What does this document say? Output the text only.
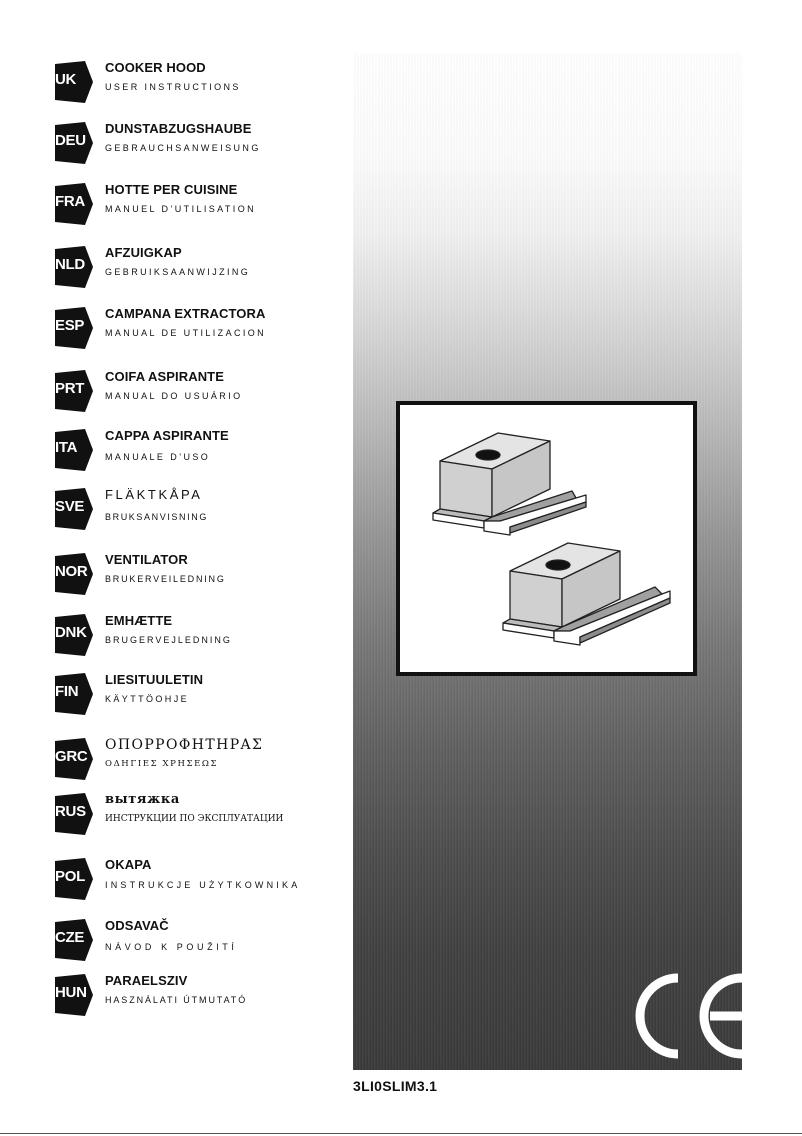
UK
COOKER HOOD
USER INSTRUCTIONS
DEU
DUNSTABZUGSHAUBE
GEBRAUCHSANWEISUNG
FRA
HOTTE PER CUISINE
MANUEL D’UTILISATION
NLD
AFZUIGKAP
GEBRUIKSAANWIJZING
ESP
CAMPANA EXTRACTORA
MANUAL DE UTILIZACION
PRT
COIFA ASPIRANTE
MANUAL DO USUÁRIO
ITA
CAPPA ASPIRANTE
MANUALE D’USO
SVE
FLÄKTKÅPA
BRUKSANVISNING
NOR
VENTILATOR
BRUKERVEILEDNING
DNK
EMHÆTTE
BRUGERVEJLEDNING
FIN
LIESITUULETIN
KÄYTTÖOHJE
GRC
ΟΠΟΡΡΟΦΗΤΗΡΑΣ
ΟΔΗΓΙΕΣ ΧΡΗΣΕΩΣ
RUS
вытяжка
ИНСТРУКЦИИ ПО ЭКСПЛУАТАЦИИ
POL
OKAPA
INSTRUKCJE UŻYTKOWNIKA
CZE
ODSAVAČ
NÁVOD K POUŽITÍ
HUN
PARAELSZIV
HASZNÁLATI ÚTMUTATÓ
3LI0SLIM3.1
